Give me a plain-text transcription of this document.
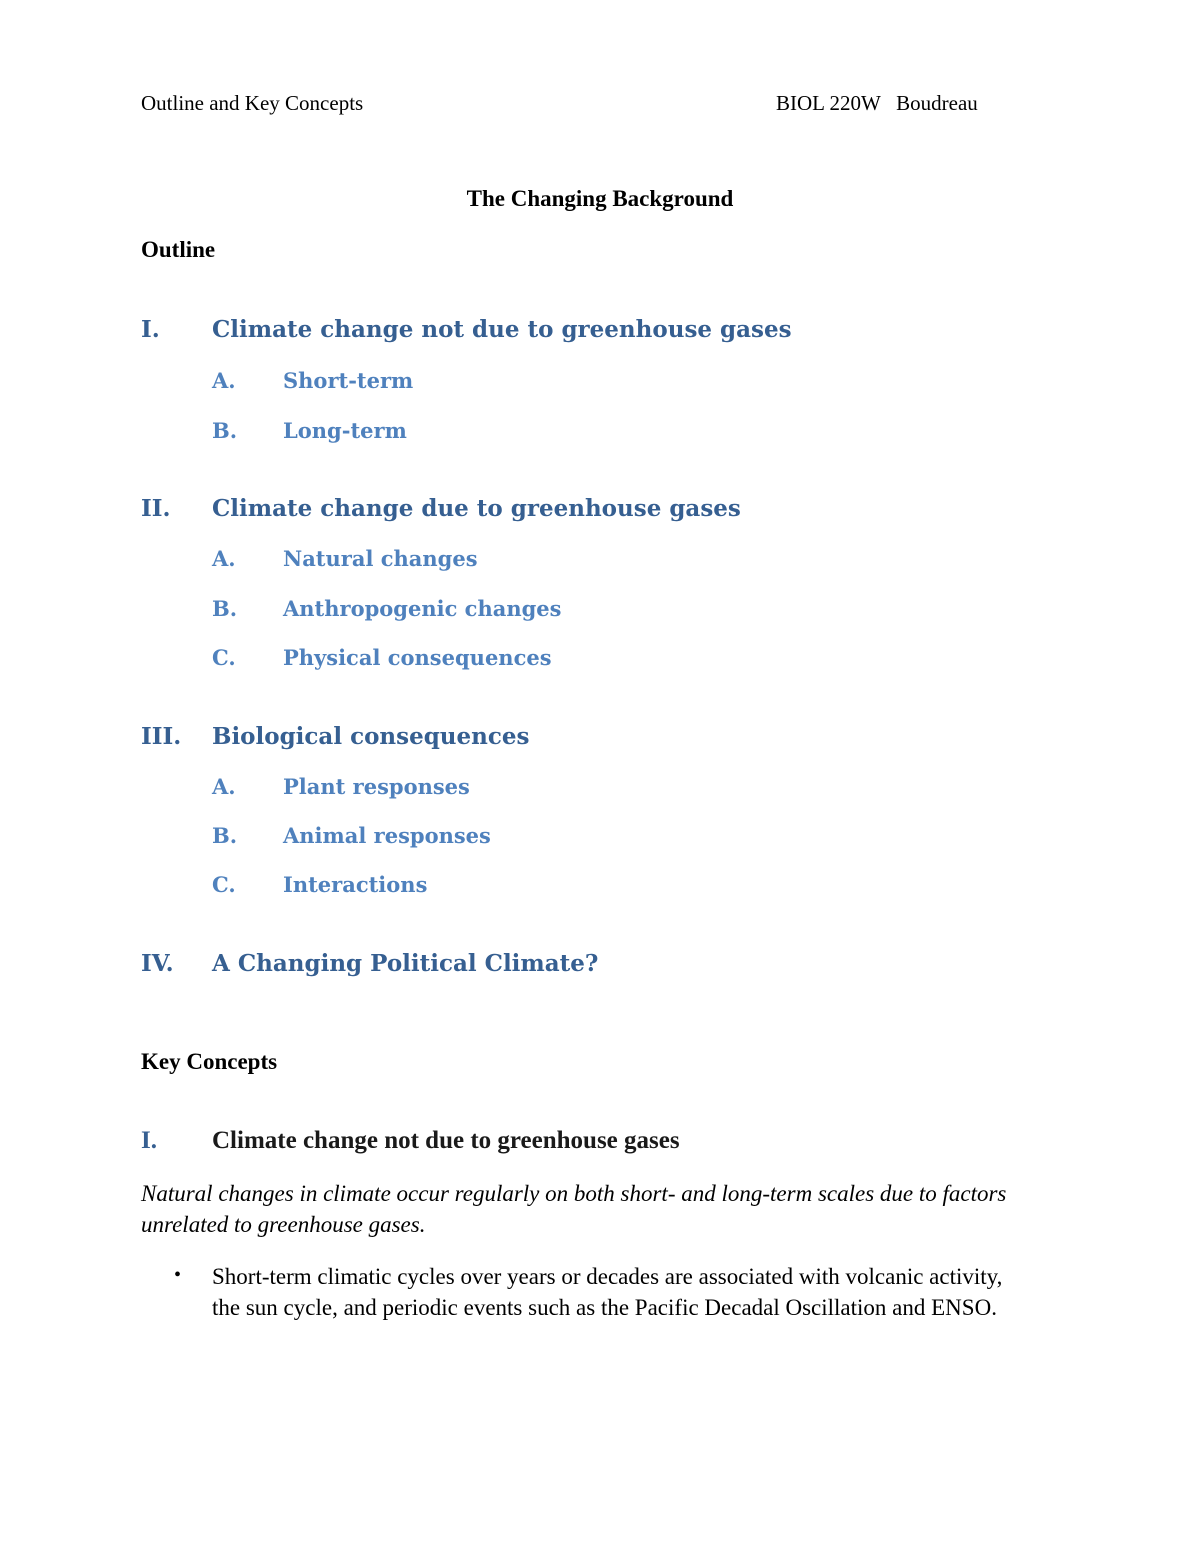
Outline and Key Concepts	BIOL 220W   Boudreau
The Changing Background
Outline
I. Climate change not due to greenhouse gases
A. Short-term
B. Long-term
II. Climate change due to greenhouse gases
A. Natural changes
B. Anthropogenic changes
C. Physical consequences
III. Biological consequences
A. Plant responses
B. Animal responses
C. Interactions
IV. A Changing Political Climate?
Key Concepts
I. Climate change not due to greenhouse gases
Natural changes in climate occur regularly on both short- and long-term scales due to factors unrelated to greenhouse gases.
• Short-term climatic cycles over years or decades are associated with volcanic activity, the sun cycle, and periodic events such as the Pacific Decadal Oscillation and ENSO.
